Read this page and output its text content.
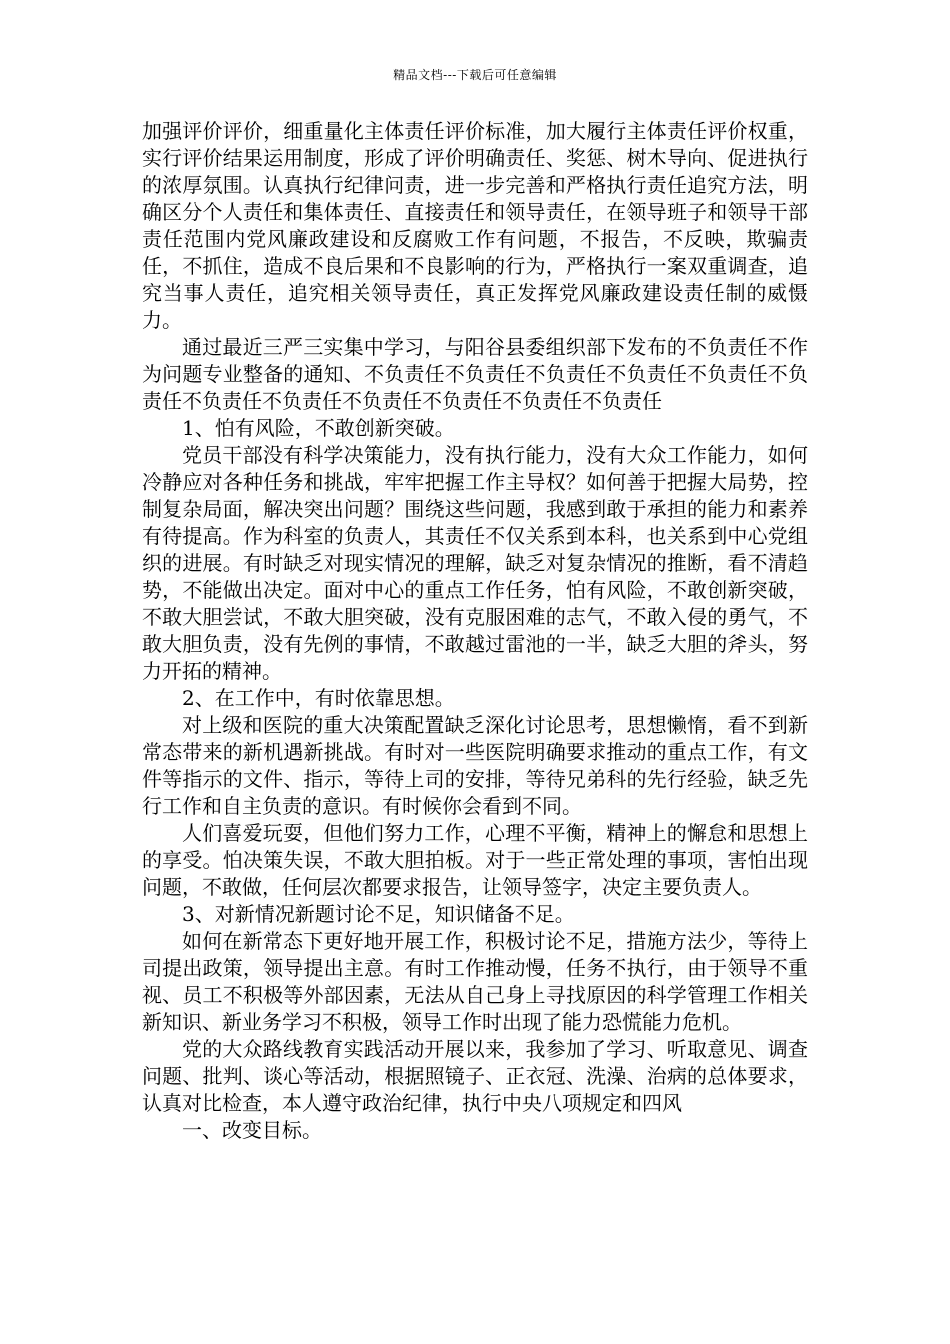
精品文档---下载后可任意编辑

加强评价评价，细重量化主体责任评价标准，加大履行主体责任评价权重，实行评价结果运用制度，形成了评价明确责任、奖惩、树木导向、促进执行的浓厚氛围。认真执行纪律问责，进一步完善和严格执行责任追究方法，明确区分个人责任和集体责任、直接责任和领导责任，在领导班子和领导干部责任范围内党风廉政建设和反腐败工作有问题，不报告，不反映，欺骗责任，不抓住，造成不良后果和不良影响的行为，严格执行一案双重调查，追究当事人责任，追究相关领导责任，真正发挥党风廉政建设责任制的威慑力。

通过最近三严三实集中学习，与阳谷县委组织部下发布的不负责任不作为问题专业整备的通知、不负责任不负责任不负责任不负责任不负责任不负责任不负责任不负责任不负责任不负责任不负责任不负责任

1、怕有风险，不敢创新突破。

党员干部没有科学决策能力，没有执行能力，没有大众工作能力，如何冷静应对各种任务和挑战，牢牢把握工作主导权？如何善于把握大局势，控制复杂局面，解决突出问题？围绕这些问题，我感到敢于承担的能力和素养有待提高。作为科室的负责人，其责任不仅关系到本科，也关系到中心党组织的进展。有时缺乏对现实情况的理解，缺乏对复杂情况的推断，看不清趋势，不能做出决定。面对中心的重点工作任务，怕有风险，不敢创新突破，不敢大胆尝试，不敢大胆突破，没有克服困难的志气，不敢入侵的勇气，不敢大胆负责，没有先例的事情，不敢越过雷池的一半，缺乏大胆的斧头，努力开拓的精神。

2、在工作中，有时依靠思想。

对上级和医院的重大决策配置缺乏深化讨论思考，思想懒惰，看不到新常态带来的新机遇新挑战。有时对一些医院明确要求推动的重点工作，有文件等指示的文件、指示，等待上司的安排，等待兄弟科的先行经验，缺乏先行工作和自主负责的意识。有时候你会看到不同。

人们喜爱玩耍，但他们努力工作，心理不平衡，精神上的懈怠和思想上的享受。怕决策失误，不敢大胆拍板。对于一些正常处理的事项，害怕出现问题，不敢做，任何层次都要求报告，让领导签字，决定主要负责人。

3、对新情况新题讨论不足，知识储备不足。

如何在新常态下更好地开展工作，积极讨论不足，措施方法少，等待上司提出政策，领导提出主意。有时工作推动慢，任务不执行，由于领导不重视、员工不积极等外部因素，无法从自己身上寻找原因的科学管理工作相关新知识、新业务学习不积极，领导工作时出现了能力恐慌能力危机。

党的大众路线教育实践活动开展以来，我参加了学习、听取意见、调查问题、批判、谈心等活动，根据照镜子、正衣冠、洗澡、治病的总体要求，认真对比检查，本人遵守政治纪律，执行中央八项规定和四风

一、改变目标。
